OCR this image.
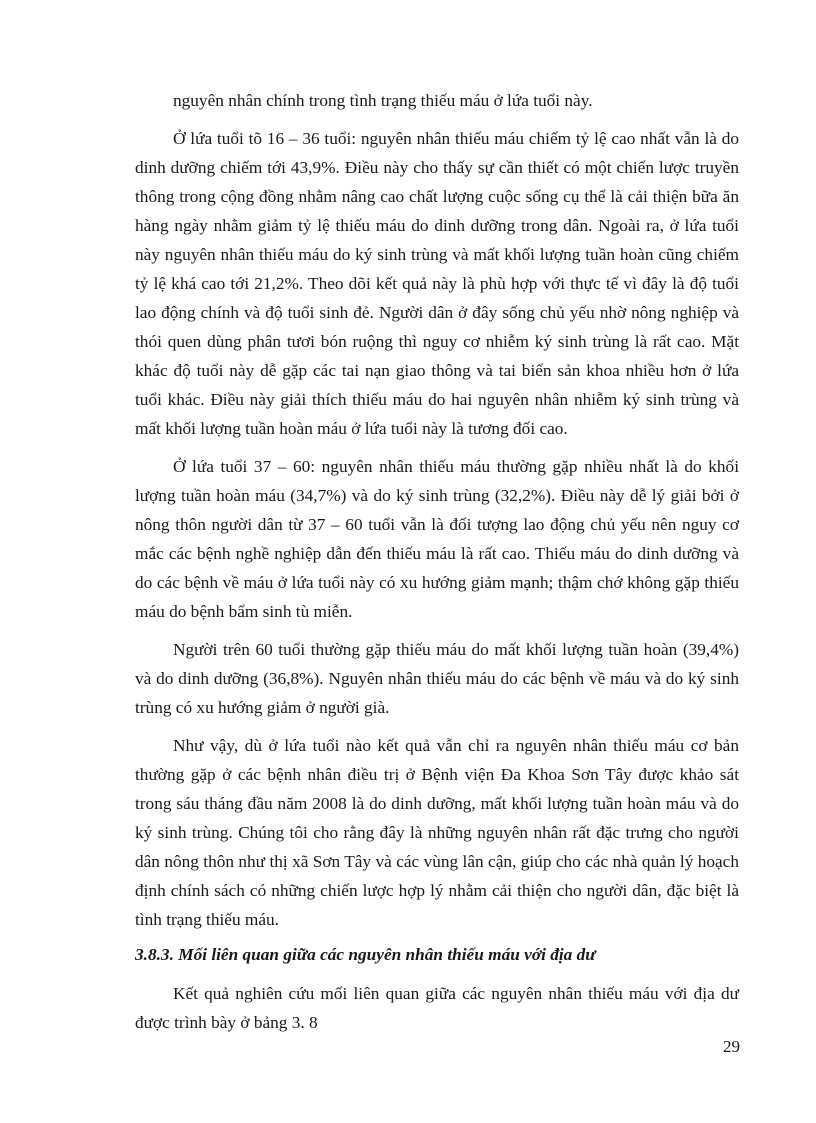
nguyên nhân chính trong tình trạng thiếu máu ở lứa tuổi này.

Ở lứa tuổi tõ 16 – 36 tuổi: nguyên nhân thiếu máu chiếm tỷ lệ cao nhất vẫn là do dinh dưỡng chiếm tới 43,9%. Điều này cho thấy sự cần thiết có một chiến lược truyền thông trong cộng đồng nhằm nâng cao chất lượng cuộc sống cụ thể là cải thiện bữa ăn hàng ngày nhằm giảm tỷ lệ thiếu máu do dinh dưỡng trong dân. Ngoài ra, ở lứa tuổi này nguyên nhân thiếu máu do ký sinh trùng và mất khối lượng tuần hoàn cũng chiếm tỷ lệ khá cao tới 21,2%. Theo dõi kết quả này là phù hợp với thực tế vì đây là độ tuổi lao động chính và độ tuổi sinh đẻ. Người dân ở đây sống chủ yếu nhờ nông nghiệp và thói quen dùng phân tươi bón ruộng thì nguy cơ nhiễm ký sinh trùng là rất cao. Mặt khác độ tuổi này dễ gặp các tai nạn giao thông và tai biến sản khoa nhiều hơn ở lứa tuổi khác. Điều này giải thích thiếu máu do hai nguyên nhân nhiễm ký sinh trùng và mất khối lượng tuần hoàn máu ở lứa tuổi này là tương đối cao.

Ở lứa tuổi 37 – 60: nguyên nhân thiếu máu thường gặp nhiều nhất là do khối lượng tuần hoàn máu (34,7%) và do ký sinh trùng (32,2%). Điều này dễ lý giải bởi ở nông thôn người dân từ 37 – 60 tuổi vẫn là đối tượng lao động chủ yếu nên nguy cơ mắc các bệnh nghề nghiệp dẫn đến thiếu máu là rất cao. Thiếu máu do dinh dưỡng và do các bệnh về máu ở lứa tuổi này có xu hướng giảm mạnh; thậm chớ không gặp thiếu máu do bệnh bẩm sinh tù miễn.

Người trên 60 tuổi thường gặp thiếu máu do mất khối lượng tuần hoàn (39,4%) và do dinh dưỡng (36,8%). Nguyên nhân thiếu máu do các bệnh về máu và do ký sinh trùng có xu hướng giảm ở người già.

Như vậy, dù ở lứa tuổi nào kết quả vẫn chỉ ra nguyên nhân thiếu máu cơ bản thường gặp ở các bệnh nhân điều trị ở Bệnh viện Đa Khoa Sơn Tây được khảo sát trong sáu tháng đầu năm 2008 là do dinh dưỡng, mất khối lượng tuần hoàn máu và do ký sinh trùng. Chúng tôi cho rằng đây là những nguyên nhân rất đặc trưng cho người dân nông thôn như thị xã Sơn Tây và các vùng lân cận, giúp cho các nhà quản lý hoạch định chính sách có những chiến lược hợp lý nhằm cải thiện cho người dân, đặc biệt là tình trạng thiếu máu.

3.8.3. Mối liên quan giữa các nguyên nhân thiếu máu với địa dư

Kết quả nghiên cứu mối liên quan giữa các nguyên nhân thiếu máu với địa dư được trình bày ở bảng 3. 8

29
